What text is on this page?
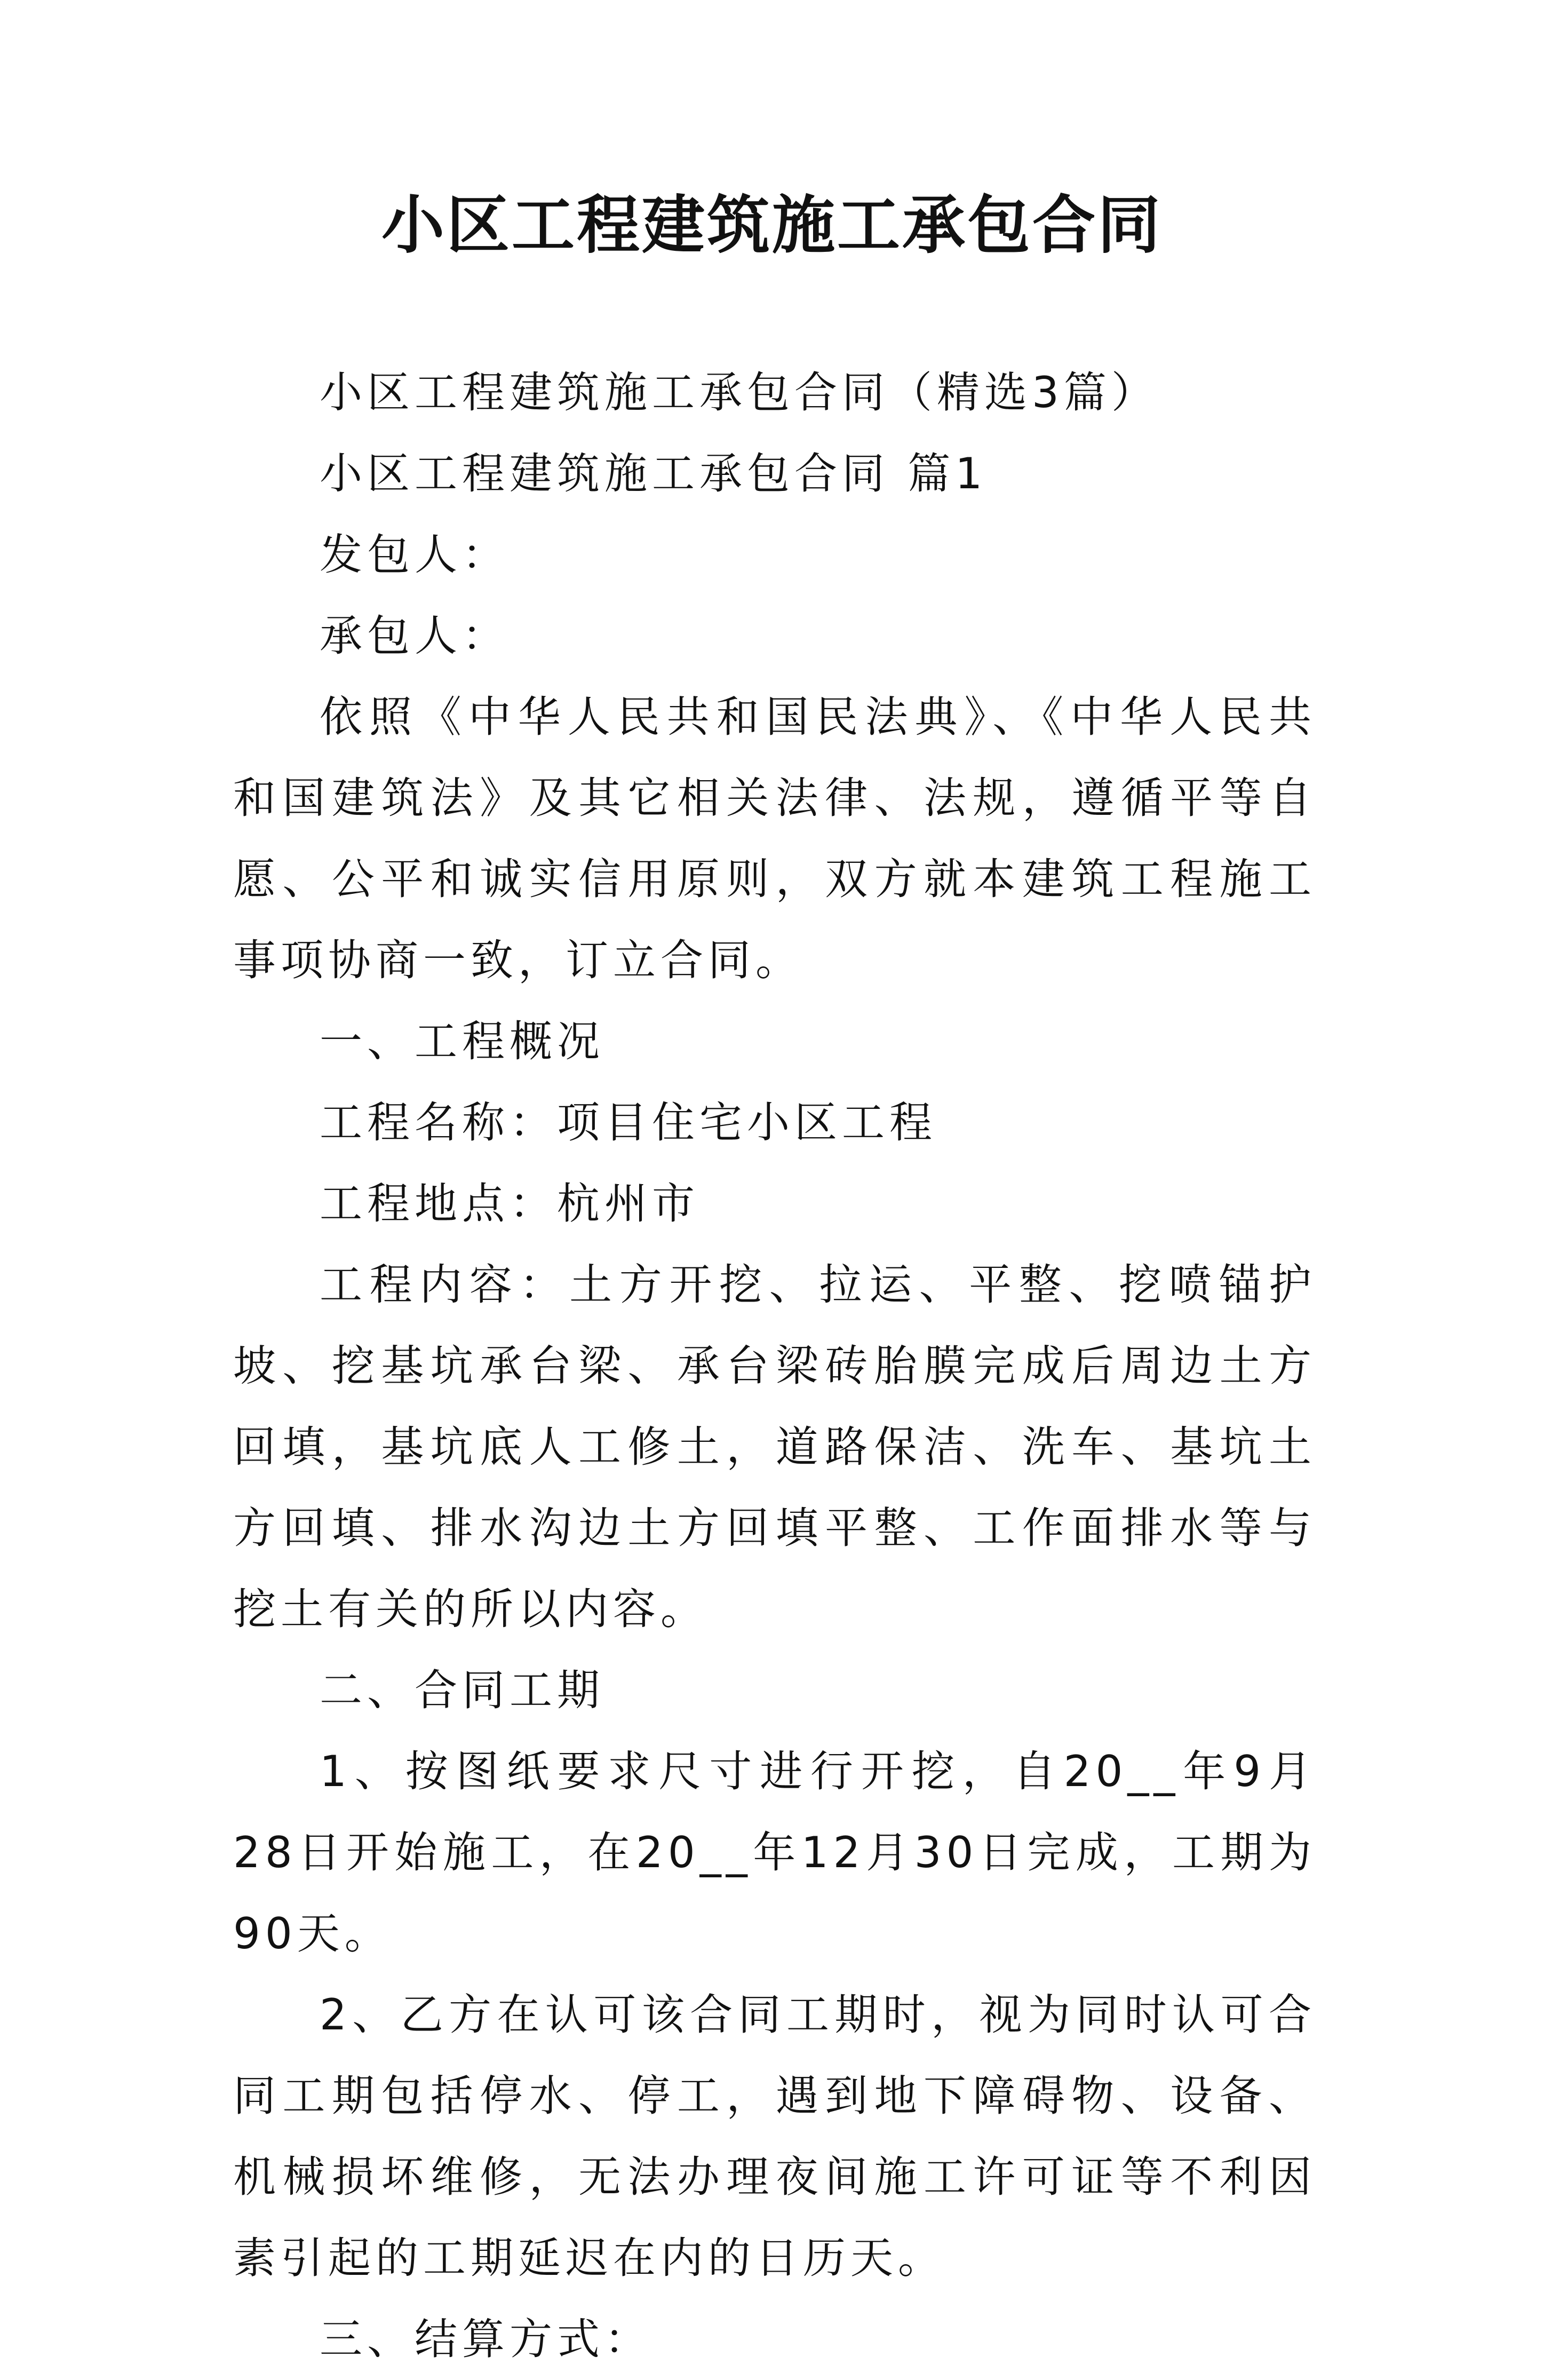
小区工程建筑施工承包合同

小区工程建筑施工承包合同（精选3篇）

小区工程建筑施工承包合同 篇1

发包人：

承包人：

依照《中华人民共和国民法典》、《中华人民共和国建筑法》及其它相关法律、法规，遵循平等自愿、公平和诚实信用原则，双方就本建筑工程施工事项协商一致，订立合同。

一、工程概况

工程名称：项目住宅小区工程

工程地点：杭州市

工程内容：土方开挖、拉运、平整、挖喷锚护坡、挖基坑承台梁、承台梁砖胎膜完成后周边土方回填，基坑底人工修土，道路保洁、洗车、基坑土方回填、排水沟边土方回填平整、工作面排水等与挖土有关的所以内容。

二、合同工期

1、按图纸要求尺寸进行开挖，自20__年9月28日开始施工，在20__年12月30日完成，工期为90天。

2、乙方在认可该合同工期时，视为同时认可合同工期包括停水、停工，遇到地下障碍物、设备、机械损坏维修，无法办理夜间施工许可证等不利因素引起的工期延迟在内的日历天。

三、结算方式：
